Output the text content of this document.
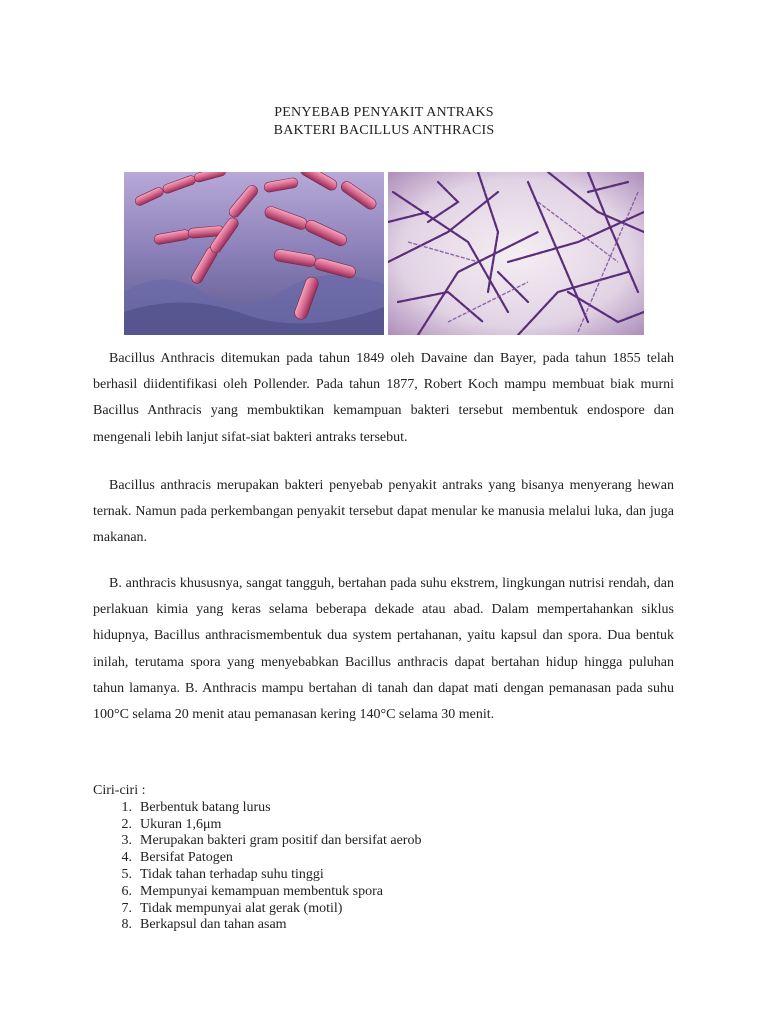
PENYEBAB PENYAKIT ANTRAKS
BAKTERI BACILLUS ANTHRACIS

Bacillus Anthracis ditemukan pada tahun 1849 oleh Davaine dan Bayer, pada tahun 1855 telah berhasil diidentifikasi oleh Pollender. Pada tahun 1877, Robert Koch mampu membuat biak murni Bacillus Anthracis yang membuktikan kemampuan bakteri tersebut membentuk endospore dan mengenali lebih lanjut sifat-siat bakteri antraks tersebut.

Bacillus anthracis merupakan bakteri penyebab penyakit antraks yang bisanya menyerang hewan ternak. Namun pada perkembangan penyakit tersebut dapat menular ke manusia melalui luka, dan juga makanan.

B. anthracis khususnya, sangat tangguh, bertahan pada suhu ekstrem, lingkungan nutrisi rendah, dan perlakuan kimia yang keras selama beberapa dekade atau abad. Dalam mempertahankan siklus hidupnya, Bacillus anthracismembentuk dua system pertahanan, yaitu kapsul dan spora. Dua bentuk inilah, terutama spora yang menyebabkan Bacillus anthracis dapat bertahan hidup hingga puluhan tahun lamanya. B. Anthracis mampu bertahan di tanah dan dapat mati dengan pemanasan pada suhu 100°C selama 20 menit atau pemanasan kering 140°C selama 30 menit.

Ciri-ciri :

1. Berbentuk batang lurus
2. Ukuran 1,6μm
3. Merupakan bakteri gram positif dan bersifat aerob
4. Bersifat Patogen
5. Tidak tahan terhadap suhu tinggi
6. Mempunyai kemampuan membentuk spora
7. Tidak mempunyai alat gerak (motil)
8. Berkapsul dan tahan asam
